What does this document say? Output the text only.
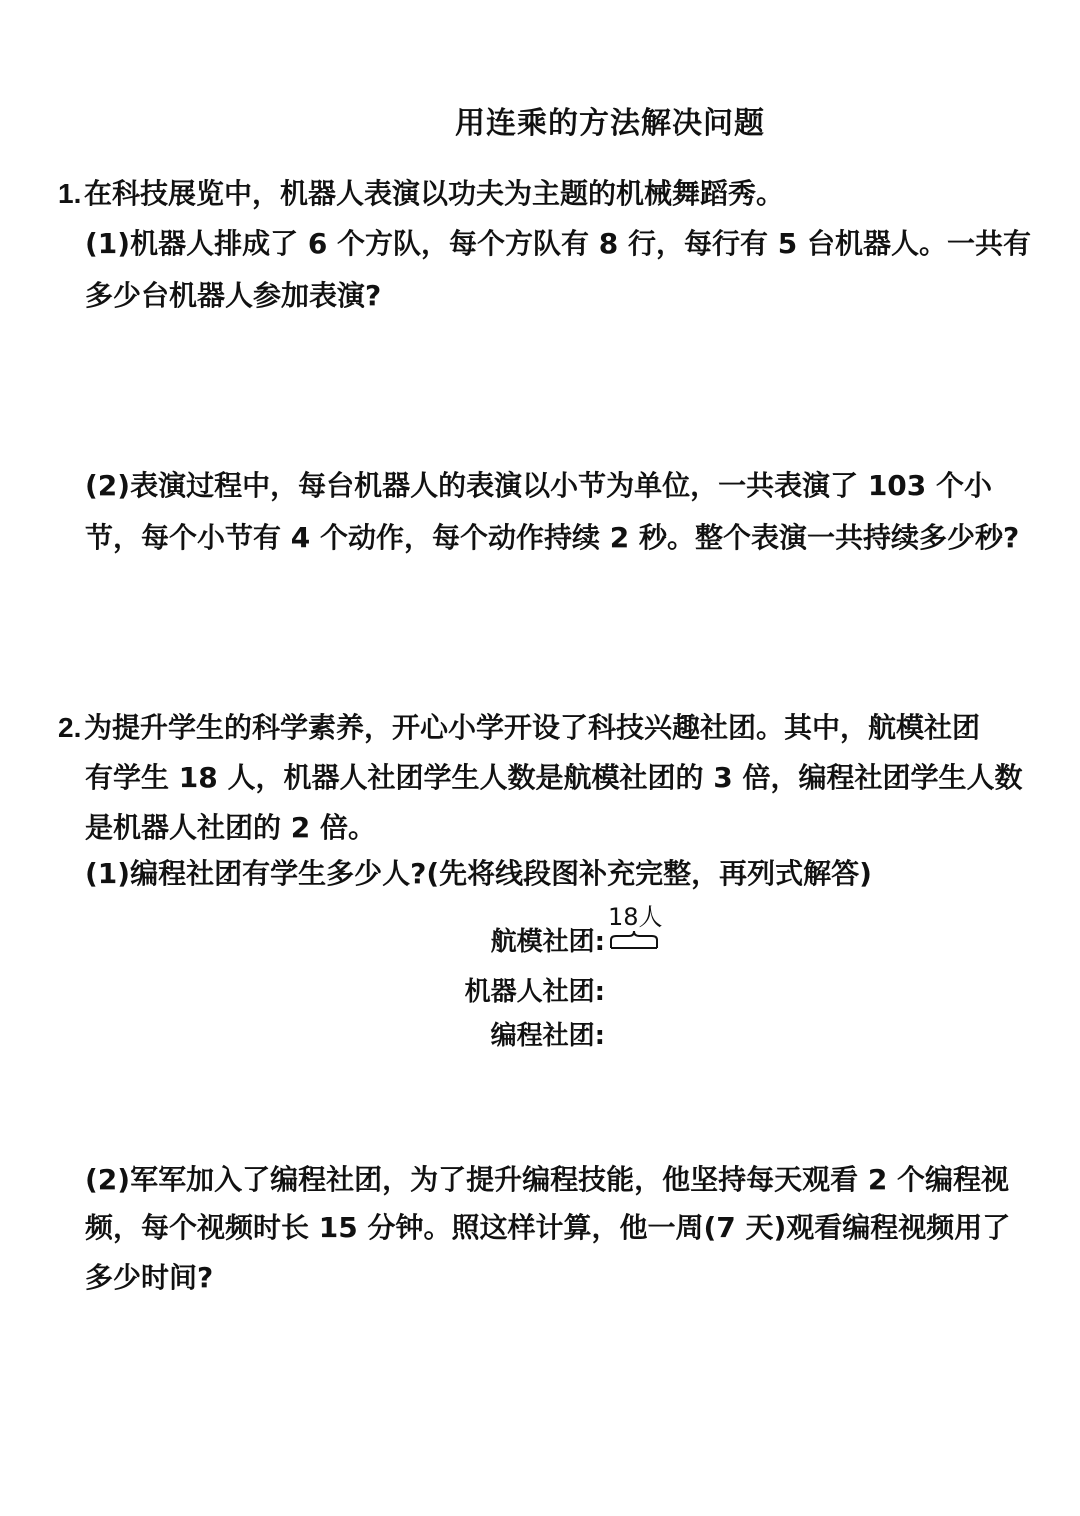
用连乘的方法解决问题
1.在科技展览中，机器人表演以功夫为主题的机械舞蹈秀。
(1)机器人排成了 6 个方队，每个方队有 8 行，每行有 5 台机器人。一共有
多少台机器人参加表演?
(2)表演过程中，每台机器人的表演以小节为单位，一共表演了 103 个小
节，每个小节有 4 个动作，每个动作持续 2 秒。整个表演一共持续多少秒?
2.为提升学生的科学素养，开心小学开设了科技兴趣社团。其中，航模社团
有学生 18 人，机器人社团学生人数是航模社团的 3 倍，编程社团学生人数
是机器人社团的 2 倍。
(1)编程社团有学生多少人?(先将线段图补充完整，再列式解答)
18人
航模社团:
机器人社团:
编程社团:
(2)军军加入了编程社团，为了提升编程技能，他坚持每天观看 2 个编程视
频，每个视频时长 15 分钟。照这样计算，他一周(7 天)观看编程视频用了
多少时间?
